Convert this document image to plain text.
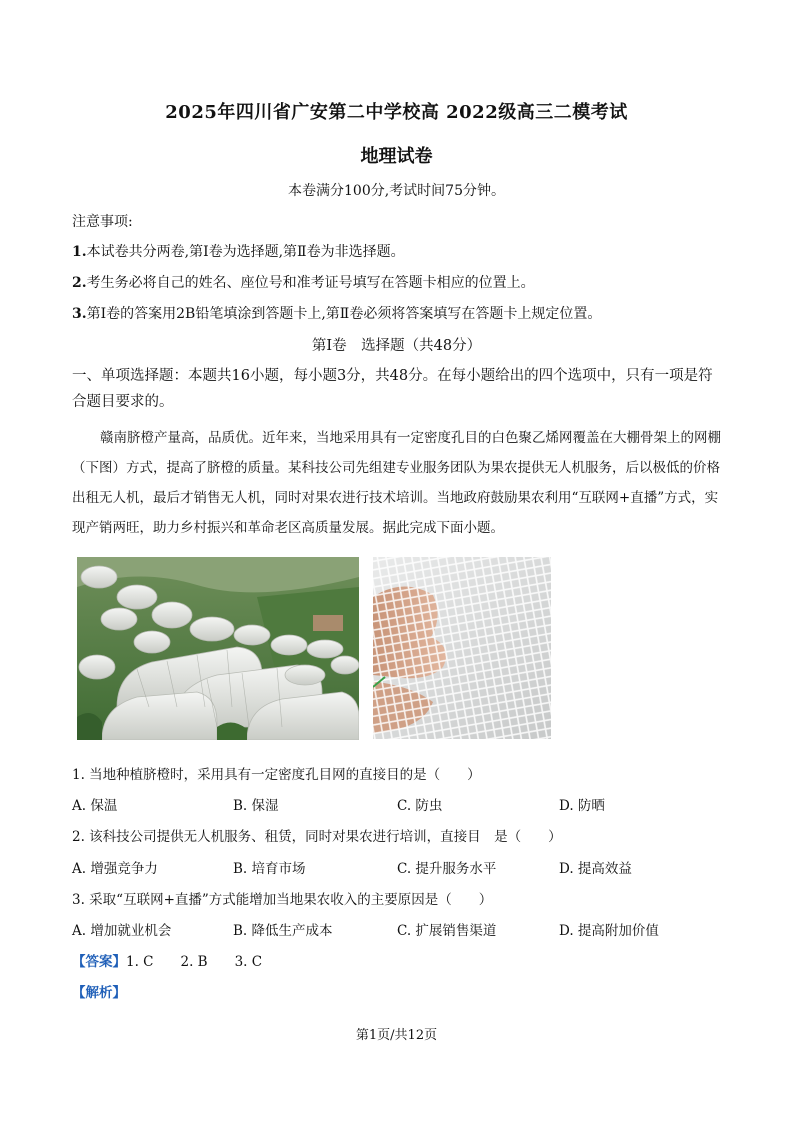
2025年四川省广安第二中学校高 2022级高三二模考试
地理试卷
本卷满分100分,考试时间75分钟。
注意事项:
1.本试卷共分两卷,第Ⅰ卷为选择题,第Ⅱ卷为非选择题。
2.考生务必将自己的姓名、座位号和准考证号填写在答题卡相应的位置上。
3.第Ⅰ卷的答案用2B铅笔填涂到答题卡上,第Ⅱ卷必须将答案填写在答题卡上规定位置。
第Ⅰ卷　选择题（共48分）
一、单项选择题：本题共16小题，每小题3分，共48分。在每小题给出的四个选项中，只有一项是符合题目要求的。
赣南脐橙产量高，品质优。近年来，当地采用具有一定密度孔目的白色聚乙烯网覆盖在大棚骨架上的网棚（下图）方式，提高了脐橙的质量。某科技公司先组建专业服务团队为果农提供无人机服务，后以极低的价格出租无人机，最后才销售无人机，同时对果农进行技术培训。当地政府鼓励果农利用“互联网+直播”方式，实现产销两旺，助力乡村振兴和革命老区高质量发展。据此完成下面小题。
1. 当地种植脐橙时，采用具有一定密度孔目网的直接目的是（　　）
A. 保温	B. 保湿	C. 防虫	D. 防晒
2. 该科技公司提供无人机服务、租赁，同时对果农进行培训，直接目　是（　　）
A. 增强竞争力	B. 培育市场	C. 提升服务水平	D. 提高效益
3. 采取“互联网+直播”方式能增加当地果农收入的主要原因是（　　）
A. 增加就业机会	B. 降低生产成本	C. 扩展销售渠道	D. 提高附加价值
【答案】1. C　　2. B　　3. C
【解析】
第1页/共12页
